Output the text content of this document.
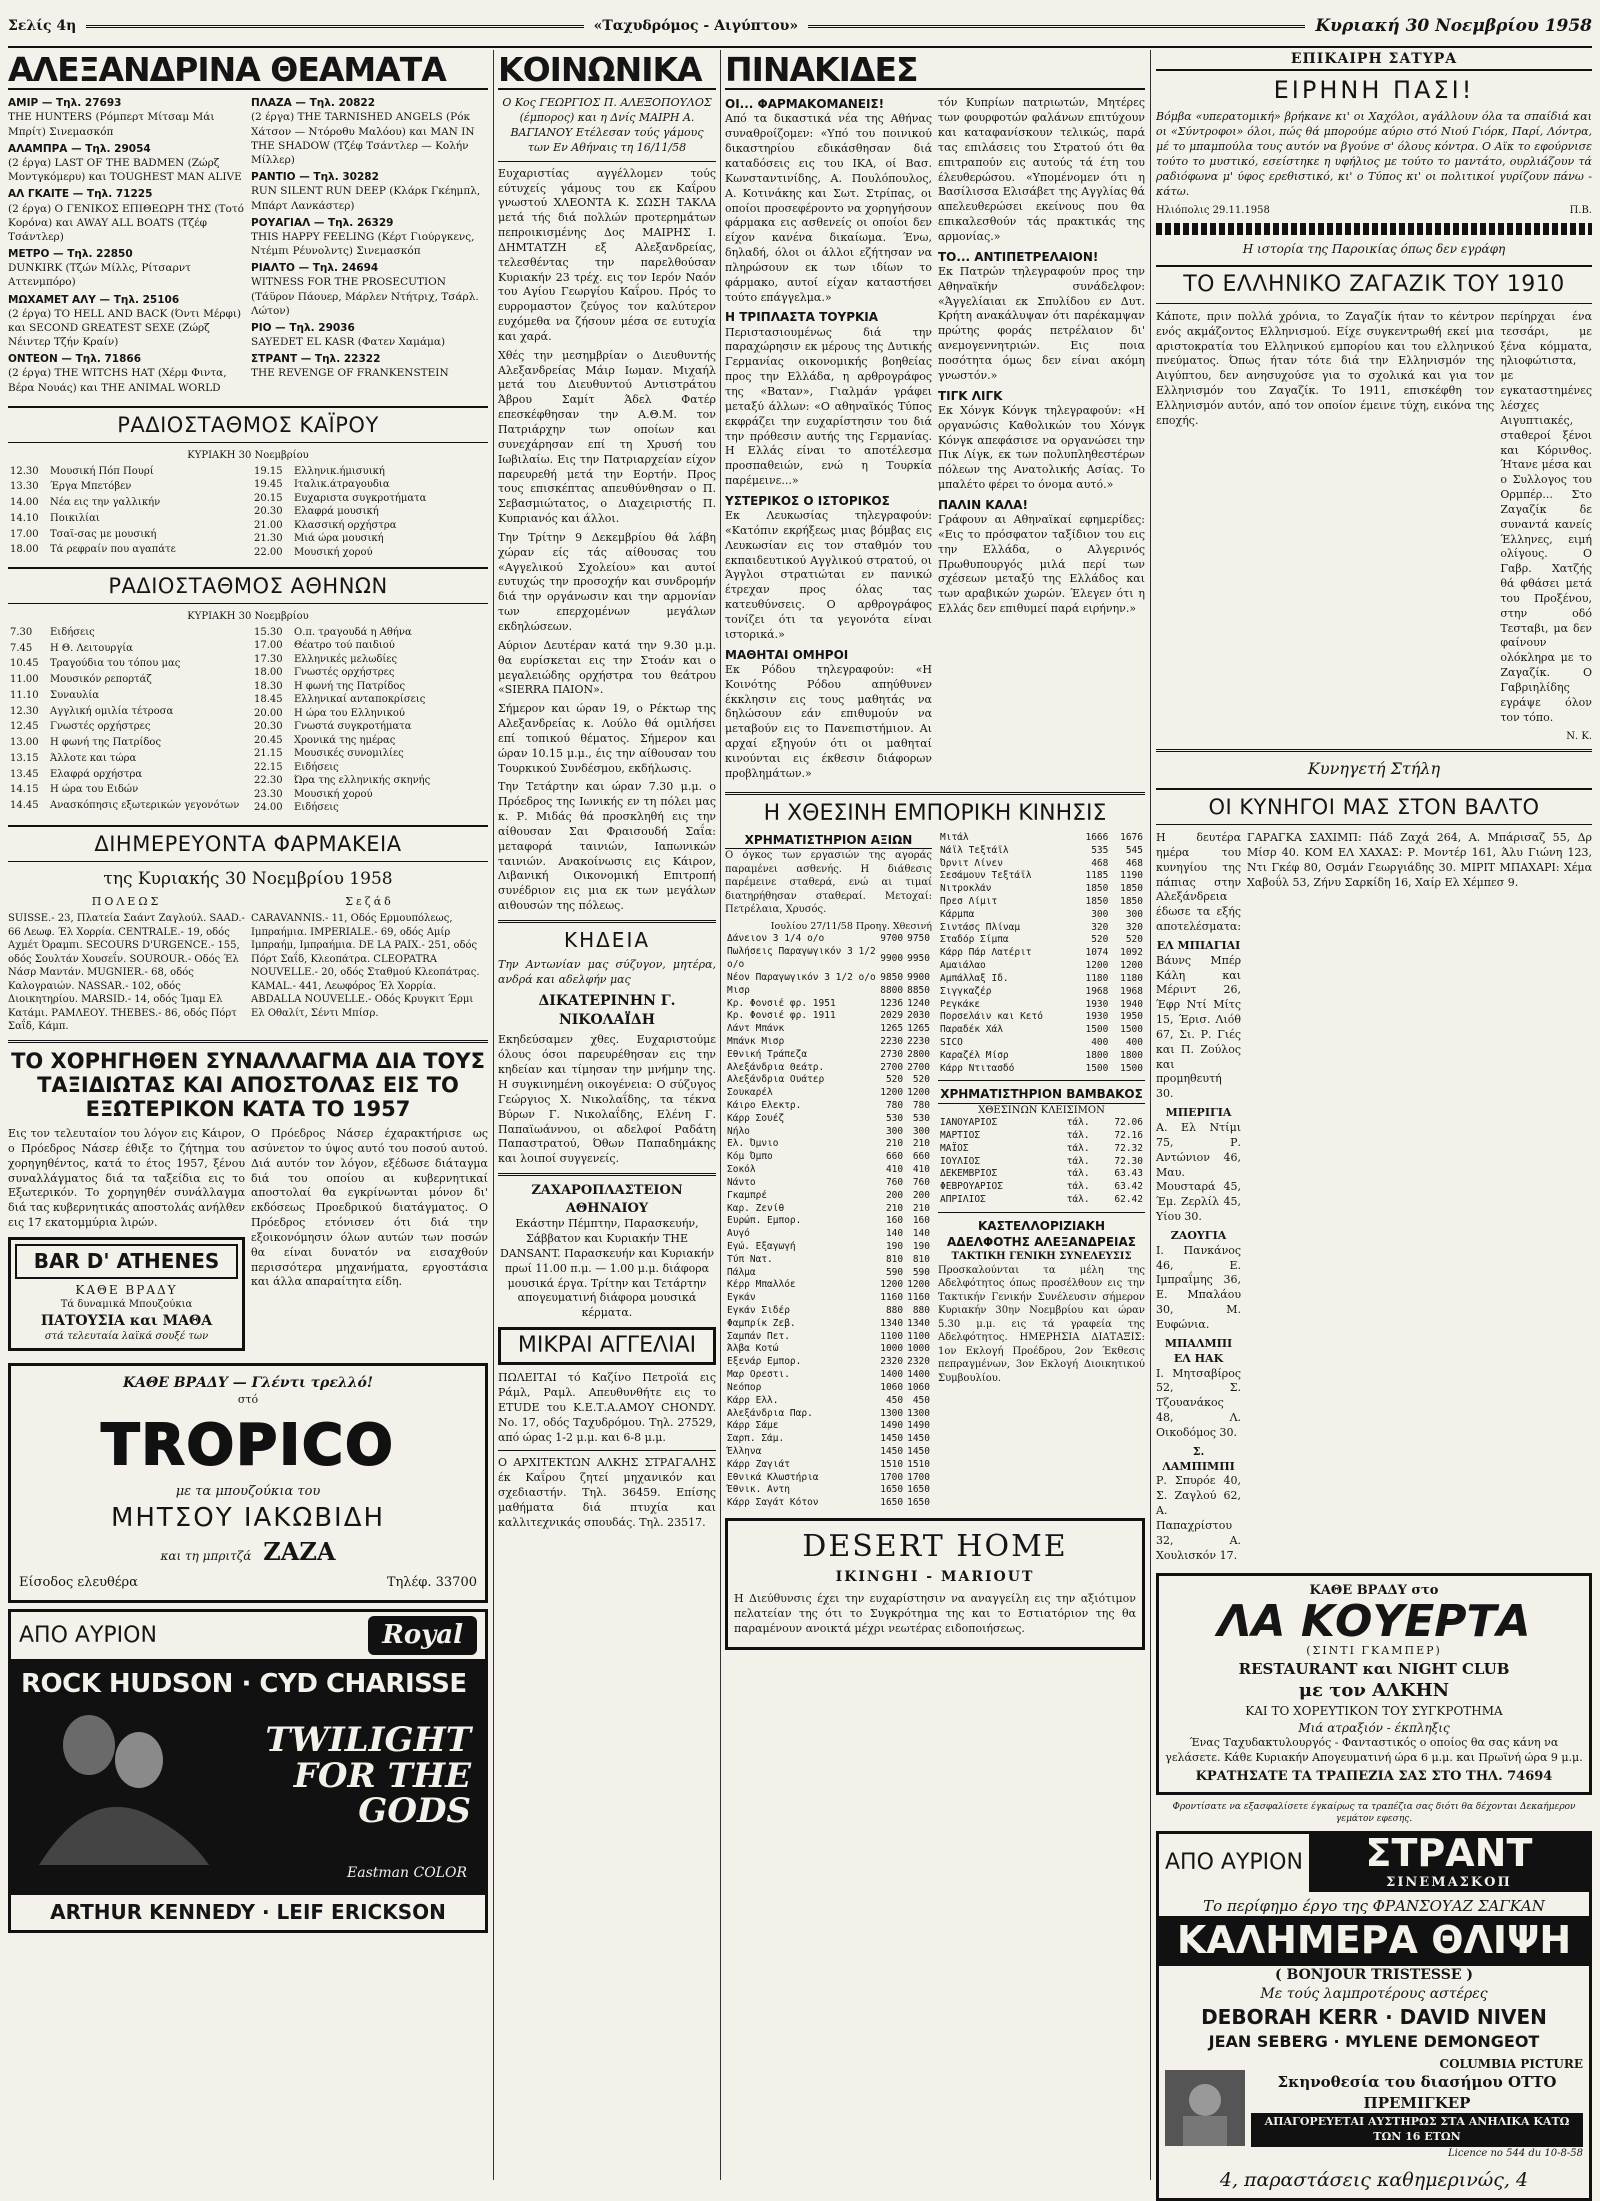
Σελίς 4η	«Ταχυδρόμος - Αιγύπτου»	Κυριακή 30 Νοεμβρίου 1958
ΑΛΕΞΑΝΔΡΙΝΑ ΘΕΑΜΑΤΑ

ΑΜΙΡ — Τηλ. 27693
THE HUNTERS (Ρόμπερτ Μίτσαμ Μάι Μπρίτ) Σινεμασκόπ

ΑΛΑΜΠΡΑ — Τηλ. 29054
(2 έργα) LAST OF THE BADMEN (Ζώρζ Μοντγκόμερυ) και TOUGHEST MAN ALIVE

ΑΛ ΓΚΑΙΤΕ — Τηλ. 71225
(2 έργα) Ο ΓΕΝΙΚΟΣ ΕΠΙΘΕΩΡΗ ΤΗΣ (Τοτό Κορόνα) και AWAY ALL BOATS (Τζέφ Τσάντλερ)

ΜΕΤΡΟ — Τηλ. 22850
DUNKIRK (Τζών Μίλλς, Ρίτσαρντ Αττενμπόρο)

ΜΩΧΑΜΕΤ ΑΛΥ — Τηλ. 25106
(2 έργα) TO HELL AND BACK (Όντι Μέρφι) και SECOND GREATEST SEXE (Ζώρζ Νέιντερ Τζήν Κραίν)

ΟΝΤΕΟΝ — Τηλ. 71866
(2 έργα) THE WITCHS HAT (Χέρμ Φιντα, Βέρα Νουάς) και THE ANIMAL WORLD

ΠΛΑΖΑ — Τηλ. 20822
(2 έργα) THE TARNISHED ANGELS (Ρόκ Χάτσον — Ντόροθυ Μαλόου) και MAN IN THE SHADOW (Τζέφ Τσάντλερ — Κολήν Μίλλερ)

ΡΑΝΤΙΟ — Τηλ. 30282
RUN SILENT RUN DEEP (Κλάρκ Γκέημπλ, Μπάρτ Λανκάστερ)

ΡΟΥΑΓΙΑΛ — Τηλ. 26329
THIS HAPPY FEELING (Κέρτ Γιούργκενς, Ντέμπι Ρέυνολντς) Σινεμασκόπ

ΡΙΑΛΤΟ — Τηλ. 24694
WITNESS FOR THE PROSECUTION (Τάϋρον Πάουερ, Μάρλεν Ντήτριχ, Τσάρλ. Λώτον)

ΡΙΟ — Τηλ. 29036
SAYEDET EL KASR (Φατεν Χαμάμα)

ΣΤΡΑΝΤ — Τηλ. 22322
THE REVENGE OF FRANKENSTEIN

ΡΑΔΙΟΣΤΑΘΜΟΣ ΚΑΪΡΟΥ
ΚΥΡΙΑΚΗ 30 Νοεμβρίου
12.30	Μουσική Πόπ Πουρί
13.30	Έργα Μπετόβεν
14.00	Νέα εις την γαλλικήν
14.10	Ποικιλίαι
17.00	Τσαϊ-σας με μουσική
18.00	Τά ρεφραίν που αγαπάτε
19.15	Ελληνικ.ήμισυική
19.45	Ιταλικ.άτραγουδια
20.15	Ευχαριστα συγκροτήματα
20.30	Ελαφρά μουσική
21.00	Κλασσική ορχήστρα
21.30	Μιά ώρα μουσική
22.00	Μουσική χορού
ΡΑΔΙΟΣΤΑΘΜΟΣ ΑΘΗΝΩΝ
ΚΥΡΙΑΚΗ 30 Νοεμβρίου
7.30	Ειδήσεις
7.45	Η Θ. Λειτουργία
10.45	Τραγούδια του τόπου μας
11.00	Μουσικόν ρεπορτάζ
11.10	Συναυλία
12.30	Αγγλική ομιλία τέτροσα
12.45	Γνωστές ορχήστρες
13.00	Η φωνή της Πατρίδος
13.15	Άλλοτε και τώρα
13.45	Ελαφρά ορχήστρα
14.15	Η ώρα του Ειδών
14.45	Ανασκόπησις εξωτερικών γεγονότων
15.30	Ο.π. τραγουδά η Αθήνα
17.00	Θέατρο τού παιδιού
17.30	Ελληνικές μελωδίες
18.00	Γνωστές ορχήστρες
18.30	Η φωνή της Πατρίδος
18.45	Ελληνικαί ανταποκρίσεις
20.00	Η ώρα του Ελληνικού
20.30	Γνωστά συγκροτήματα
20.45	Χρονικά της ημέρας
21.15	Μουσικές συνομιλίες
22.15	Ειδήσεις
22.30	Ώρα της ελληνικής σκηνής
23.30	Μουσική χορού
24.00	Ειδήσεις
ΔΙΗΜΕΡΕΥΟΝΤΑ ΦΑΡΜΑΚΕΙΑ
της Κυριακής 30 Νοεμβρίου 1958
ΠΟΛΕΩΣ
SUISSE.- 23, Πλατεία Σαάντ Ζαγλούλ. SAAD.- 66 Λεωφ. Έλ Χορρία. CENTRALE.- 19, οδός Αχμέτ Όραμπι. SECOURS D'URGENCE.- 155, οδός Σουλτάν Χουσεΐν. SOUROUR.- Οδός Έλ Νάσρ Μαντάν. MUGNIER.- 68, οδός Καλογραιών. NASSAR.- 102, οδός Διοικητηρίου. MARSID.- 14, οδός Ίμαμ Ελ Κατάμι. ΡΑΜΛΕΟΥ. THEBES.- 86, οδός Πόρτ Σαΐδ, Κάμπ.
Σεζάδ
CARAVANNIS.- 11, Οδός Ερμουπόλεως, Ιμπραήμια. IMPERIALE.- 69, οδός Αμίρ Ιμπραήμ, Ιμπραήμια. DE LA PAIX.- 251, οδός Πόρτ Σαΐδ, Κλεοπάτρα. CLEOPATRA NOUVELLE.- 20, οδός Σταθμού Κλεοπάτρας. KAMAL.- 441, Λεωφόρος Έλ Χορρία. ABDALLA NOUVELLE.- Οδός Κρυγκιτ Έρμι Ελ Οθαλίτ, Σέντι Μπίσρ.
ΤΟ ΧΟΡΗΓΗΘΕΝ ΣΥΝΑΛΛΑΓΜΑ ΔΙΑ ΤΟΥΣ ΤΑΞΙΔΙΩΤΑΣ ΚΑΙ ΑΠΟΣΤΟΛΑΣ ΕΙΣ ΤΟ ΕΞΩΤΕΡΙΚΟΝ ΚΑΤΑ ΤΟ 1957

Εις τον τελευταίον του λόγον εις Κάιρον, ο Πρόεδρος Νάσερ έθιξε το ζήτημα του χορηγηθέντος, κατά το έτος 1957, ξένου συναλλάγματος διά τα ταξείδια εις το Εξωτερικόν. Το χορηγηθέν συνάλλαγμα διά τας κυβερνητικάς αποστολάς ανήλθεν εις 17 εκατομμύρια λιρών.

BAR D' ATHENES
ΚΑΘΕ ΒΡΑΔΥ
Τά δυναμικά Μπουζούκια
ΠΑΤΟΥΣΙΑ και ΜΑΘΑ
στά τελευταία λαϊκά σουξέ των

Ο Πρόεδρος Νάσερ έχαρακτήρισε ως ασύνετον το ύψος αυτό του ποσού αυτού. Διά αυτόν τον λόγον, εξέδωσε διάταγμα διά του οποίου αι κυβερνητικαί αποστολαί θα εγκρίνωνται μόνον δι' εκδόσεως Προεδρικού διατάγματος. Ο Πρόεδρος ετόνισεν ότι διά την εξοικονόμησιν όλων αυτών των ποσών θα είναι δυνατόν να εισαχθούν περισσότερα μηχανήματα, εργοστάσια και άλλα απαραίτητα είδη.

ΚΑΘΕ ΒΡΑΔΥ — Γλέντι τρελλό!
στό
TROPICO
με τα μπουζούκια του
ΜΗΤΣΟΥ ΙΑΚΩΒΙΔΗ
και τη μπριτζά ZAZA
Είσοδος ελευθέρα	Τηλέφ. 33700
ΑΠΟ ΑΥΡΙΟΝ	Royal
ROCK HUDSON · CYD CHARISSE
TWILIGHT FOR THE GODS
Eastman COLOR
ARTHUR KENNEDY · LEIF ERICKSON
ΚΟΙΝΩΝΙΚΑ

Ο Κος ΓΕΩΡΓΙΟΣ Π. ΑΛΕΞΟΠΟΥΛΟΣ (έμπορος) και η Δνίς ΜΑΙΡΗ Α. ΒΑΓΙΑΝΟΥ Ετέλεσαν τούς γάμους των Εν Αθήναις τη 16/11/58

Ευχαριστίας αγγέλλομεν τούς εύτυχείς γάμους του εκ Καΐρου γνωστού ΧΛΕΟΝΤΑ Κ. ΣΩΣΗ ΤΑΚΛΑ μετά τής διά πολλών προτερημάτων πεπροικισμένης Δος ΜΑΙΡΗΣ Ι. ΔΗΜΤΑΤΖΗ εξ Αλεξανδρείας, τελεσθέντας την παρελθούσαν Κυριακήν 23 τρέχ. εις τον Ιερόν Ναόν του Αγίου Γεωργίου Καΐρου. Πρός το ευρρομαστον ζεύγος τον καλύτερον ευχόμεθα να ζήσουν μέσα σε ευτυχία και χαρά.

Χθές την μεσημβρίαν ο Διευθυντής Αλεξανδρείας Μάιρ Ιωμαν. Μιχαήλ μετά του Διευθυντού Αντιστράτου Άβρου Σαμίτ Άδελ Φατέρ επεσκέφθησαν την Α.Θ.Μ. τον Πατριάρχην των οποίων και συνεχάρησαν επί τη Χρυσή του Ιωβιλαίω. Εις την Πατριαρχείαν είχον παρευρεθή μετά την Εορτήν. Προς τους επισκέπτας απευθύνθησαν ο Π. Σεβασμιώτατος, ο Διαχειριστής Π. Κυπριανός και άλλοι.

Την Τρίτην 9 Δεκεμβρίου θά λάβη χώραν είς τάς αίθουσας του «Αγγελικού Σχολείου» και αυτοί ευτυχώς την προσοχήν και συνδρομήν διά την οργάνωσιν και την αρμονίαν των επερχομένων μεγάλων εκδηλώσεων.

Αύριον Δευτέραν κατά την 9.30 μ.μ. θα ευρίσκεται εις την Στοάν και ο μεγαλειώδης ορχήστρα του θεάτρου «SIERRA ΠΑΙΟΝ».

Σήμερον και ώραν 19, ο Ρέκτωρ της Αλεξανδρείας κ. Λούλο θά ομιλήσει επί τοπικού θέματος. Σήμερον και ώραν 10.15 μ.μ., έις την αίθουσαν του Τουρκικού Συνδέσμου, εκδήλωσις.

Την Τετάρτην και ώραν 7.30 μ.μ. ο Πρόεδρος της Ιωνικής εν τη πόλει μας κ. Ρ. Μιδάς θά προσκληθή εις την αίθουσαν Σαι Φραισουδή Σαΐα: μεταφορά ταινιών, Ιαπωνικών ταινιών. Ανακοίνωσις εις Κάιρον, Λιβανική Οικονομική Επιτροπή συνέδριον εις μια εκ των μεγάλων αιθουσών της πόλεως.

ΚΗΔΕΙΑ

Την Αντωνίαν μας σύζυγον, μητέρα, ανδρά και αδελφήν μας

ΔΙΚΑΤΕΡΙΝΗΝ Γ. ΝΙΚΟΛΑΪΔΗ

Εκηδεύσαμεν χθες. Ευχαριστούμε όλους όσοι παρευρέθησαν εις την κηδείαν και τίμησαν την μνήμην της. Η συγκινημένη οικογένεια: Ο σύζυγος Γεώργιος Χ. Νικολαΐδης, τα τέκνα Βύρων Γ. Νικολαΐδης, Ελένη Γ. Παπαϊωάννου, οι αδελφοί Ραδάτη Παπαστρατού, Όθων Παπαδημάκης και λοιποί συγγενείς.

ΖΑΧΑΡΟΠΛΑΣΤΕΙΟΝ ΑΘΗΝΑΙΟΥ

Εκάστην Πέμπτην, Παρασκευήν, Σάββατον και Κυριακήν THE DANSANT. Παρασκευήν και Κυριακήν πρωί 11.00 π.μ. — 1.00 μ.μ. διάφορα μουσικά έργα. Τρίτην και Τετάρτην απογευματινή διάφορα μουσικά κέρματα.

ΜΙΚΡΑΙ ΑΓΓΕΛΙΑΙ

ΠΩΛΕΙΤΑΙ τό Καζίνο Πετροϊά εις Ράμλ, Ραμλ. Απευθυνθήτε εις το ETUDE του Κ.Ε.Τ.Α.ΑΜΟΥ CHONDY. Νο. 17, οδός Ταχυδρόμου. Τηλ. 27529, από ώρας 1-2 μ.μ. και 6-8 μ.μ.

Ο ΑΡΧΙΤΕΚΤΩΝ ΑΛΚΗΣ ΣΤΡΑΓΑΛΗΣ έκ Καΐρου ζητεί μηχανικόν και σχεδιαστήν. Τηλ. 36459. Επίσης μαθήματα διά πτυχία και καλλιτεχνικάς σπουδάς. Τηλ. 23517.

ΠΙΝΑΚΙΔΕΣ
ΟΙ... ΦΑΡΜΑΚΟΜΑΝΕΙΣ!

Από τα δικαστικά νέα της Αθήνας συναθροίζομεν: «Υπό του ποινικού δικαστηρίου εδικάσθησαν διά καταδόσεις εις του ΙΚΑ, οί Βασ. Κωνσταντινίδης, Α. Πουλόπουλος, Α. Κοτινάκης και Σωτ. Στρίπας, οι οποίοι προσεφέροντο να χορηγήσουν φάρμακα εις ασθενείς οι οποίοι δεν είχον κανένα δικαίωμα. Ένω, δηλαδή, όλοι οι άλλοι εζήτησαν να πληρώσουν εκ των ιδίων το φάρμακο, αυτοί είχαν καταστήσει τούτο επάγγελμα.»

Η ΤΡΙΠΛΑΣΤΑ ΤΟΥΡΚΙΑ

Περιστασιουμένως διά την παραχώρησιν εκ μέρους της Δυτικής Γερμανίας οικονομικής βοηθείας προς την Ελλάδα, η αρθρογράφος της «Βαταν», Γιαλμάν γράφει μεταξύ άλλων: «Ο αθηναϊκός Τύπος εκφράζει την ευχαρίστησιν του διά την πρόθεσιν αυτής της Γερμανίας. Η Ελλάς είναι το αποτέλεσμα προσπαθειών, ενώ η Τουρκία παρέμεινε...»

ΥΣΤΕΡΙΚΟΣ Ο ΙΣΤΟΡΙΚΟΣ

Εκ Λευκωσίας τηλεγραφούν: «Κατόπιν εκρήξεως μιας βόμβας εις Λευκωσίαν εις τον σταθμόν του εκπαιδευτικού Αγγλικού στρατού, οι Άγγλοι στρατιώται εν πανικώ έτρεχαν προς όλας τας κατευθύνσεις. Ο αρθρογράφος τονίζει ότι τα γεγονότα είναι ιστορικά.»

ΜΑΘΗΤΑΙ ΟΜΗΡΟΙ

Εκ Ρόδου τηλεγραφούν: «Η Κοινότης Ρόδου απηύθυνεν έκκλησιν εις τους μαθητάς να δηλώσουν εάν επιθυμούν να μεταβούν εις το Πανεπιστήμιον. Αι αρχαί εξηγούν ότι οι μαθηταί κινούνται εις έκθεσιν διάφορων προβλημάτων.»

τόν Κυπρίων πατριωτών, Μητέρες των φουρφοτών φαλάνων επιτύχουν και καταφανίσκουν τελικώς, παρά τας επιλάσεις του Στρατού ότι θα επιτραπούν εις αυτούς τά έτη του έλευθερώσου. «Υπομένομεν ότι η Βασίλισσα Ελισάβετ της Αγγλίας θά απελευθερώσει εκείνους που θα επικαλεσθούν τάς πρακτικάς της αρμονίας.»

ΤΟ... ΑΝΤΙΠΕΤΡΕΛΑΙΟΝ!

Εκ Πατρών τηλεγραφούν προς την Αθηναϊκήν συνάδελφον: «Άγγελίαιαι εκ Σπυλίδου εν Δυτ. Κρήτη ανακάλυψαν ότι παρέκαμψαν πρώτης φοράς πετρέλαιον δι' ανεμογεννητριών. Εις ποια ποσότητα όμως δεν είναι ακόμη γνωστόν.»

ΤΙΓΚ ΛΙΓΚ

Εκ Χόνγκ Κόνγκ τηλεγραφούν: «Η οργανώσις Καθολικών του Χόνγκ Κόνγκ απεφάσισε να οργανώσει την Πικ Λίγκ, εκ των πολυπληθεστέρων πόλεων της Ανατολικής Ασίας. Το μπαλέτο φέρει το όνομα αυτό.»

ΠΑΛΙΝ ΚΑΛΑ!

Γράφουν αι Αθηναϊκαί εφημερίδες: «Εις το πρόσφατον ταξίδιον του εις την Ελλάδα, ο Αλγερινός Πρωθυπουργός μιλά περί των σχέσεων μεταξύ της Ελλάδος και των αραβικών χωρών. Έλεγεν ότι η Ελλάς δεν επιθυμεί παρά ειρήνην.»

Η ΧΘΕΣΙΝΗ ΕΜΠΟΡΙΚΗ ΚΙΝΗΣΙΣ
ΧΡΗΜΑΤΙΣΤΗΡΙΟΝ ΑΞΙΩΝ

Ο όγκος των εργασιών της αγοράς παραμένει ασθενής. Η διάθεσις παρέμεινε σταθερά, ενώ αι τιμαί διατηρήθησαν σταθεραί. Μετοχαί: Πετρέλαια, Χρυσός.

Ιουλίου 27/11/58 Προηγ. Χθεσινή
Δάνειον 3 1/4 ο/ο	9700	9750
Πωλήσεις Παραγωγικόν 3 1/2 ο/ο	9900	9950
Νέον Παραγωγικόν 3 1/2 ο/ο	9850	9900
Μισρ	8800	8850
Κρ. Φονσιέ φρ. 1951	1236	1240
Κρ. Φονσιέ φρ. 1911	2029	2030
Λάντ Μπάνκ	1265	1265
Μπάνκ Μισρ	2230	2230
Εθνική Τράπεζα	2730	2800
Αλεξάνδρια Θεάτρ.	2700	2700
Αλεξάνδρια Ουάτερ	520	520
Σουκαρέλ	1200	1200
Κάιρο Ελεκτρ.	780	780
Κάρρ Σουέζ	530	530
Νήλο	300	300
Ελ. Όμνιο	210	210
Κόμ Όμπο	660	660
Σοκόλ	410	410
Νάντο	760	760
Γκαμπρέ	200	200
Καρ. Ζενίθ	210	210
Ευρώπ. Εμπορ.	160	160
Αυγό	140	140
Εγώ. Εξαγωγή	190	190
Τύπ Νατ.	810	810
Πάλμα	590	590
Κέρρ Μπαλλόε	1200	1200
Εγκάν	1160	1160
Εγκάν Σιδέρ	880	880
Φαμπρίκ Ζεβ.	1340	1340
Σαμπάν Πετ.	1100	1100
Άλβα Κοτώ	1000	1000
Εξενάρ Εμπορ.	2320	2320
Μαρ Ορεστι.	1400	1400
Νεόπορ	1060	1060
Κάρρ Ελλ.	450	450
Αλεξάνδρια Παρ.	1300	1300
Κάρρ Σάμε	1490	1490
Σαρπ. Σάμ.	1450	1450
Έλληνα	1450	1450
Κάρρ Ζαγιάτ	1510	1510
Εθνικά Κλωστήρια	1700	1700
Έθνικ. Αντη	1650	1650
Κάρρ Σαγάτ Κότον	1650	1650
Μιτάλ	1666	1676
Νάϊλ Τεξτάϊλ	535	545
Όρνιτ Λίνεν	468	468
Σεσάμουν Τεξτάϊλ	1185	1190
Νιτροκλάν	1850	1850
Πρεσ Λίμιτ	1850	1850
Κάρμπα	300	300
Σιντάσς Πλίναμ	320	320
Σταδόρ Σίμπα	520	520
Κάρρ Πάρ Λατέριτ	1074	1092
Αμαιάλαο	1200	1200
Αμπάλλαξ Ιδ.	1180	1180
Σιγγκαζέρ	1968	1968
Ρεγκάκε	1930	1940
Πορσελάιν και Κετό	1930	1950
Παραδέκ Χάλ	1500	1500
SICO	400	400
Καραζέλ Μίσρ	1800	1800
Κάρρ Ντιτασδό	1500	1500
ΧΡΗΜΑΤΙΣΤΗΡΙΟΝ ΒΑΜΒΑΚΟΣ
ΧΘΕΣΙΝΩΝ ΚΛΕΙΣΙΜΟΝ
ΙΑΝΟΥΑΡΙΟΣ	τάλ.	72.06
ΜΑΡΤΙΟΣ	τάλ.	72.16
ΜΑΪΟΣ	τάλ.	72.32
ΙΟΥΛΙΟΣ	τάλ.	72.30
ΔΕΚΕΜΒΡΙΟΣ	τάλ.	63.43
ΦΕΒΡΟΥΑΡΙΟΣ	τάλ.	63.42
ΑΠΡΙΛΙΟΣ	τάλ.	62.42
ΚΑΣΤΕΛΛΟΡΙΖΙΑΚΗ ΑΔΕΛΦΟΤΗΣ ΑΛΕΞΑΝΔΡΕΙΑΣ
ΤΑΚΤΙΚΗ ΓΕΝΙΚΗ ΣΥΝΕΛΕΥΣΙΣ

Προσκαλούνται τα μέλη της Αδελφότητος όπως προσέλθουν εις την Τακτικήν Γενικήν Συνέλευσιν σήμερον Κυριακήν 30ην Νοεμβρίου και ώραν 5.30 μ.μ. εις τά γραφεία της Αδελφότητος. ΗΜΕΡΗΣΙΑ ΔΙΑΤΑΞΙΣ: 1ον Εκλογή Προέδρου, 2ον Έκθεσις πεπραγμένων, 3ον Εκλογή Διοικητικού Συμβουλίου.

DESERT HOME
IKINGHI - MARIOUT

Η Διεύθυνσις έχει την ευχαρίστησιν να αναγγείλη εις την αξιότιμον πελατείαν της ότι το Συγκρότημα της και το Εστιατόριον της θα παραμένουν ανοικτά μέχρι νεωτέρας ειδοποιήσεως.

ΕΠΙΚΑΙΡΗ ΣΑΤΥΡΑ
ΕΙΡΗΝΗ ΠΑΣΙ!

Βόμβα «υπερατομική» βρήκανε κι' οι Χαχόλοι, αγάλλουν όλα τα σπαίδιά και οι «Σύντροφοι» όλοι, πώς θά μπορούμε αύριο στό Νιού Γιόρκ, Παρί, Λόντρα, μέ το μπαμπούλα τους αυτόν να βγούνε σ' όλους κόντρα. Ο Αϊκ το εφούρνισε τούτο το μυστικό, εσείστηκε η υφήλιος με τούτο το μαντάτο, ουρλιάζουν τά ραδιόφωνα μ' ύφος ερεθιστικό, κι' ο Τύπος κι' οι πολιτικοί γυρίζουν πάνω - κάτω.

Ηλιόπολις 29.11.1958	Π.Β.
Η ιστορία της Παροικίας όπως δεν εγράφη
ΤΟ ΕΛΛΗΝΙΚΟ ΖΑΓΑΖΙΚ ΤΟΥ 1910

Κάποτε, πριν πολλά χρόνια, το Ζαγαζίκ ήταν το κέντρον ενός ακμάζοντος Ελληνισμού. Είχε συγκεντρωθή εκεί μια αριστοκρατία του Ελληνικού εμπορίου και του ελληνικού πνεύματος. Όπως ήταν τότε διά την Ελληνισμόν της Αιγύπτου, δεν ανησυχούσε για το σχολικά και για τον Ελληνισμόν του Ζαγαζίκ. Το 1911, επισκέφθη τον Ελληνισμόν αυτόν, από τον οποίον έμεινε τύχη, εικόνα της εποχής.

περίηρχαι ένα τεσσάρι, με ξένα κόμματα, ηλιοφώτιστα, με εγκαταστημένες λέσχες Αιγυπτιακές, σταθεροί ξένοι και Κόρινθος. Ήτανε μέσα και ο Συλλογος του Ορμπέρ... Στο Ζαγαζίκ δε συναντά κανείς Έλληνες, ειμή ολίγους. Ο Γαβρ. Χατζής θά φθάσει μετά του Προξένου, στην οδό Τεσταβι, μα δεν φαίνουν ολόκληρα με το Ζαγαζίκ. Ο Γαβριηλίδης εγράψε όλον τον τόπο.

Ν. Κ.
Κυνηγετή Στήλη
ΟΙ ΚΥΝΗΓΟΙ ΜΑΣ ΣΤΟΝ ΒΑΛΤΟ

Η δευτέρα ημέρα του κυνηγίου της πάπιας στην Αλεξάνδρεια έδωσε τα εξής αποτελέσματα:

ΕΛ ΜΠΙΑΓΙΑΙ

Βάυνς Μπέρ Κάλη και Μέριντ 26, Έφρ Ντί Μίτς 15, Έρισ. Λιόθ 67, Σι. Ρ. Γιές και Π. Ζούλος και προμηθευτή 30.

ΜΠΕΡΙΓΙΑ

Α. Ελ Ντίμι 75, Ρ. Αντώνιον 46, Μαυ. Μουσταρά 45, Έμ. Ζερλίλ 45, Υίου 30.

ΖΑΟΥΓΙΑ

Ι. Πανκάνος 46, Ε. Ιμπραΐμης 36, Ε. Μπαλάου 30, Μ. Ευφώνια.

ΜΠΑΛΜΠΙ ΕΛ ΗΑΚ

Ι. Μητσαβίρος 52, Σ. Τζουανάκος 48, Λ. Οικοδόμος 30.

Σ. ΛΑΜΠΙΜΠΙ

Ρ. Σπυρόε 40, Σ. Ζαγλού 62, Α. Παπαχρίστου 32, Α. Χουλισκόν 17.

ΓΑΡΑΓΚΑ ΣΑΧΙΜΠ: Πάδ Ζαχά 264, Α. Μπάρισαζ 55, Δρ Μίσρ 40. ΚΟΜ ΕΛ ΧΑΧΑΣ: Ρ. Μοντέρ 161, Άλυ Γιώνη 123, Ντι Γκέφ 80, Οσμάν Γεωργιάδης 30. ΜΙΡΙΤ ΜΠΑΧΑΡΙ: Χέμα Χαβοΰλ 53, Ζήνυ Σαρκίδη 16, Χαίρ Ελ Χέμπεσ 9.

ΚΑΘΕ ΒΡΑΔΥ στο
ΛΑ ΚΟΥΕΡΤΑ
(ΣΙΝΤΙ ΓΚΑΜΠΕΡ)
RESTAURANT και NIGHT CLUB
με τον ΑΛΚΗΝ
ΚΑΙ ΤΟ ΧΟΡΕΥΤΙΚΟΝ ΤΟΥ ΣΥΓΚΡΟΤΗΜΑ
Μιά ατραξιόν - έκπληξις
Ένας Ταχυδακτυλουργός - Φανταστικός ο οποίος θα σας κάνη να γελάσετε. Κάθε Κυριακήν Απογευματινή ώρα 6 μ.μ. και Πρωϊνή ώρα 9 μ.μ.
ΚΡΑΤΗΣΑΤΕ ΤΑ ΤΡΑΠΕΖΙΑ ΣΑΣ ΣΤΟ ΤΗΛ. 74694
Φροντίσατε να εξασφαλίσετε έγκαίρως τα τραπέζια σας διότι θα δέχονται Δεκαήμερον γεμάτον εφεσης.
ΑΠΟ ΑΥΡΙΟΝ	ΣΤΡΑΝΤ
ΣΙΝΕΜΑΣΚΟΠ
Το περίφημο έργο της ΦΡΑΝΣΟΥΑΖ ΣΑΓΚΑΝ
ΚΑΛΗΜΕΡΑ ΘΛΙΨΗ
( BONJOUR TRISTESSE )
Με τούς λαμπροτέρους αστέρες
DEBORAH KERR · DAVID NIVEN
JEAN SEBERG · MYLENE DEMONGEOT
COLUMBIA PICTURE
Σκηνοθεσία του διασήμου ΟΤΤΟ ΠΡΕΜΙΓΚΕΡ
ΑΠΑΓΟΡΕΥΕΤΑΙ ΑΥΣΤΗΡΩΣ ΣΤΑ ΑΝΗΛΙΚΑ ΚΑΤΩ ΤΩΝ 16 ΕΤΩΝ
Licence no 544 du 10-8-58
4, παραστάσεις καθημερινώς, 4
